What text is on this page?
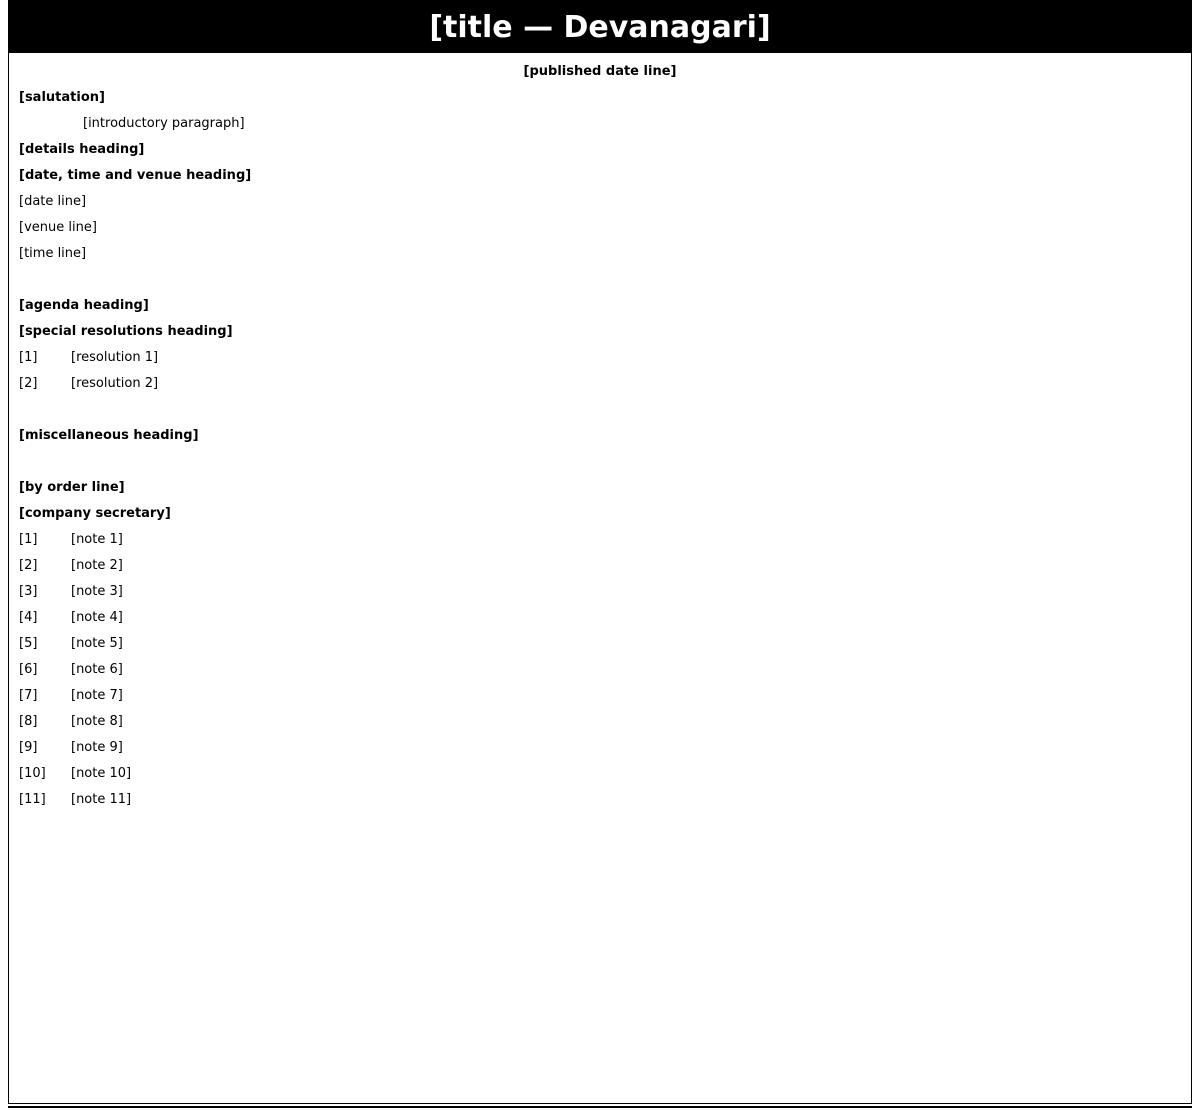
[title — Devanagari]
[published date line]
[salutation]
[introductory paragraph]
[details heading]
[date, time and venue heading]
[date line]
[venue line]
[time line]
[agenda heading]
[special resolutions heading]
[1]	[resolution 1]
[2]	[resolution 2]
[miscellaneous heading]
[by order line]
[company secretary]
[1]	[note 1]
[2]	[note 2]
[3]	[note 3]
[4]	[note 4]
[5]	[note 5]
[6]	[note 6]
[7]	[note 7]
[8]	[note 8]
[9]	[note 9]
[10]	[note 10]
[11]	[note 11]
